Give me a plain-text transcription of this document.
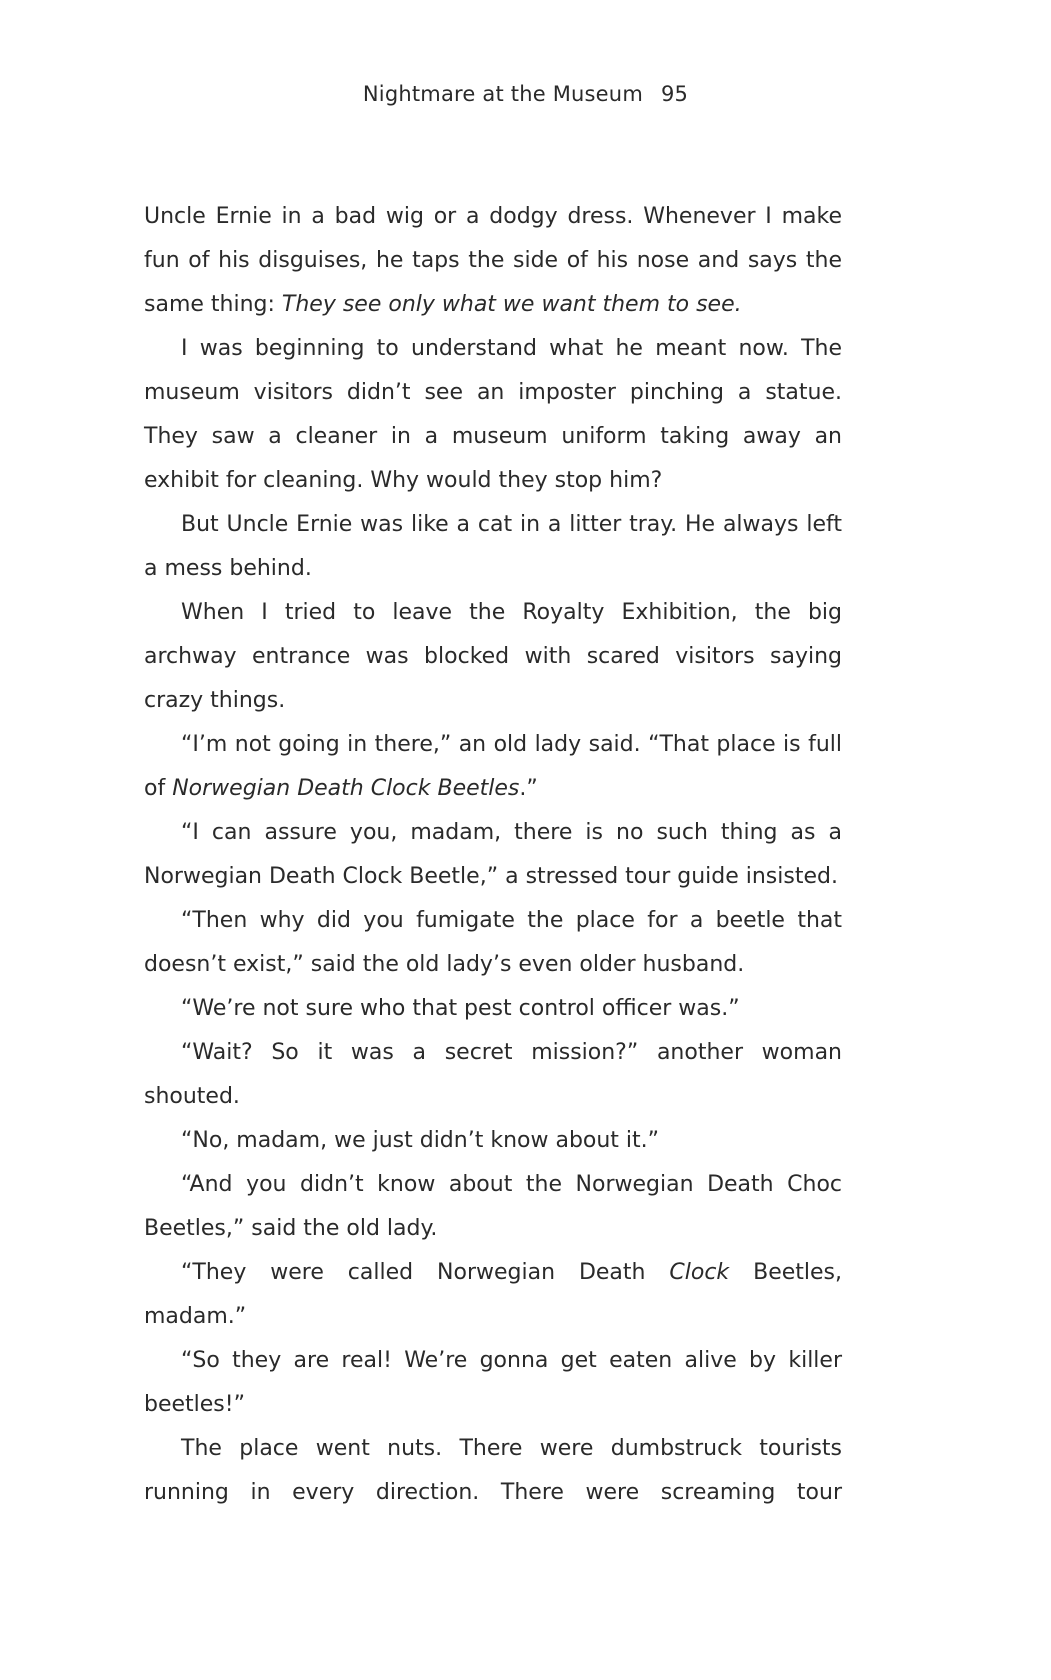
Nightmare at the Museum 95

Uncle Ernie in a bad wig or a dodgy dress. Whenever I make fun of his disguises, he taps the side of his nose and says the same thing: They see only what we want them to see.

I was beginning to understand what he meant now. The museum visitors didn’t see an imposter pinching a statue. They saw a cleaner in a museum uniform taking away an exhibit for cleaning. Why would they stop him?

But Uncle Ernie was like a cat in a litter tray. He always left a mess behind.

When I tried to leave the Royalty Exhibition, the big archway entrance was blocked with scared visitors saying crazy things.

“I’m not going in there,” an old lady said. “That place is full of Norwegian Death Clock Beetles.”

“I can assure you, madam, there is no such thing as a Norwegian Death Clock Beetle,” a stressed tour guide insisted.

“Then why did you fumigate the place for a beetle that doesn’t exist,” said the old lady’s even older husband.

“We’re not sure who that pest control officer was.”

“Wait? So it was a secret mission?” another woman shouted.

“No, madam, we just didn’t know about it.”

“And you didn’t know about the Norwegian Death Choc Beetles,” said the old lady.

“They were called Norwegian Death Clock Beetles, madam.”

“So they are real! We’re gonna get eaten alive by killer beetles!”

The place went nuts. There were dumbstruck tourists running in every direction. There were screaming tour
